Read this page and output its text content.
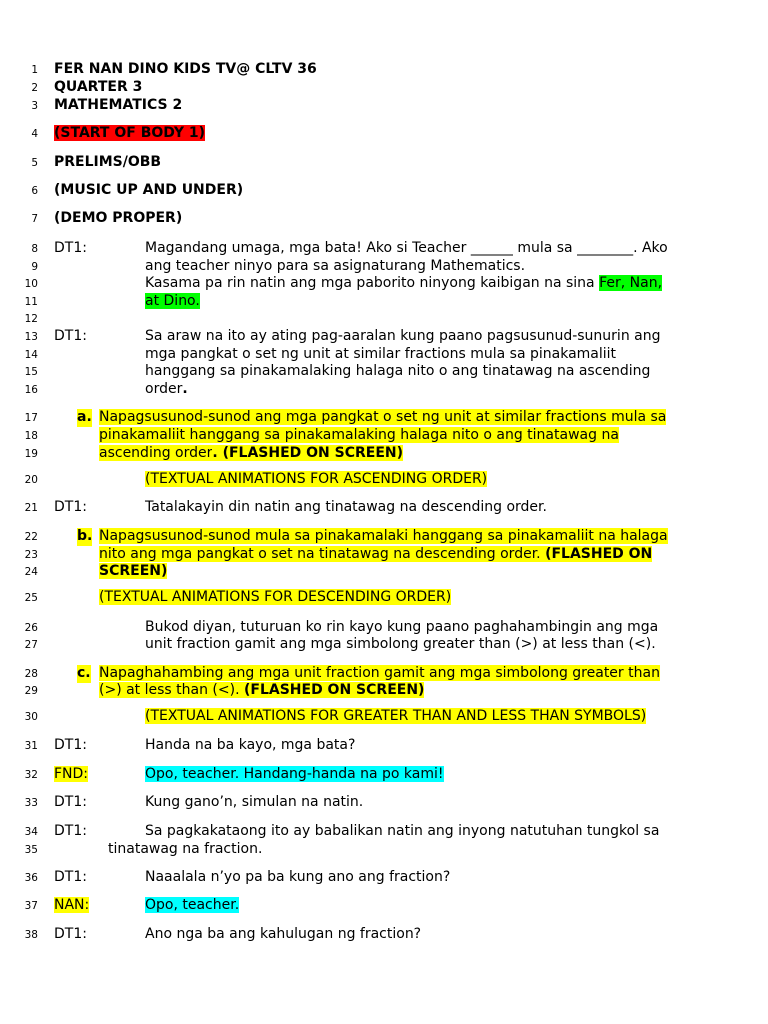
1
2
3
4
5
6
7
8
9
10
11
12
13
14
15
16
17
18
19
20
21
22
23
24
25
26
27
28
29
30
31
32
33
34
35
36
37
38
FER NAN DINO KIDS TV@ CLTV 36
QUARTER 3
MATHEMATICS 2
(START OF BODY 1)
PRELIMS/OBB
(MUSIC UP AND UNDER)
(DEMO PROPER)
DT1:	Magandang umaga, mga bata! Ako si Teacher ______ mula sa ________. Ako
ang teacher ninyo para sa asignaturang Mathematics.
Kasama pa rin natin ang mga paborito ninyong kaibigan na sina Fer, Nan,
at Dino.
DT1:	Sa araw na ito ay ating pag-aaralan kung paano pagsusunud-sunurin ang
mga pangkat o set ng unit at similar fractions mula sa pinakamaliit
hanggang sa pinakamalaking halaga nito o ang tinatawag na ascending
order.
a. Napagsusunod-sunod ang mga pangkat o set ng unit at similar fractions mula sa
pinakamaliit hanggang sa pinakamalaking halaga nito o ang tinatawag na
ascending order. (FLASHED ON SCREEN)
(TEXTUAL ANIMATIONS FOR ASCENDING ORDER)
DT1:	Tatalakayin din natin ang tinatawag na descending order.
b. Napagsusunod-sunod mula sa pinakamalaki hanggang sa pinakamaliit na halaga
nito ang mga pangkat o set na tinatawag na descending order. (FLASHED ON
SCREEN)
(TEXTUAL ANIMATIONS FOR DESCENDING ORDER)
Bukod diyan, tuturuan ko rin kayo kung paano paghahambingin ang mga
unit fraction gamit ang mga simbolong greater than (>) at less than (<).
c. Napaghahambing ang mga unit fraction gamit ang mga simbolong greater than
(>) at less than (<). (FLASHED ON SCREEN)
(TEXTUAL ANIMATIONS FOR GREATER THAN AND LESS THAN SYMBOLS)
DT1:	Handa na ba kayo, mga bata?
FND:	Opo, teacher. Handang-handa na po kami!
DT1:	Kung gano’n, simulan na natin.
DT1:	Sa pagkakataong ito ay babalikan natin ang inyong natutuhan tungkol sa
tinatawag na fraction.
DT1:	Naaalala n’yo pa ba kung ano ang fraction?
NAN:	Opo, teacher.
DT1:	Ano nga ba ang kahulugan ng fraction?
